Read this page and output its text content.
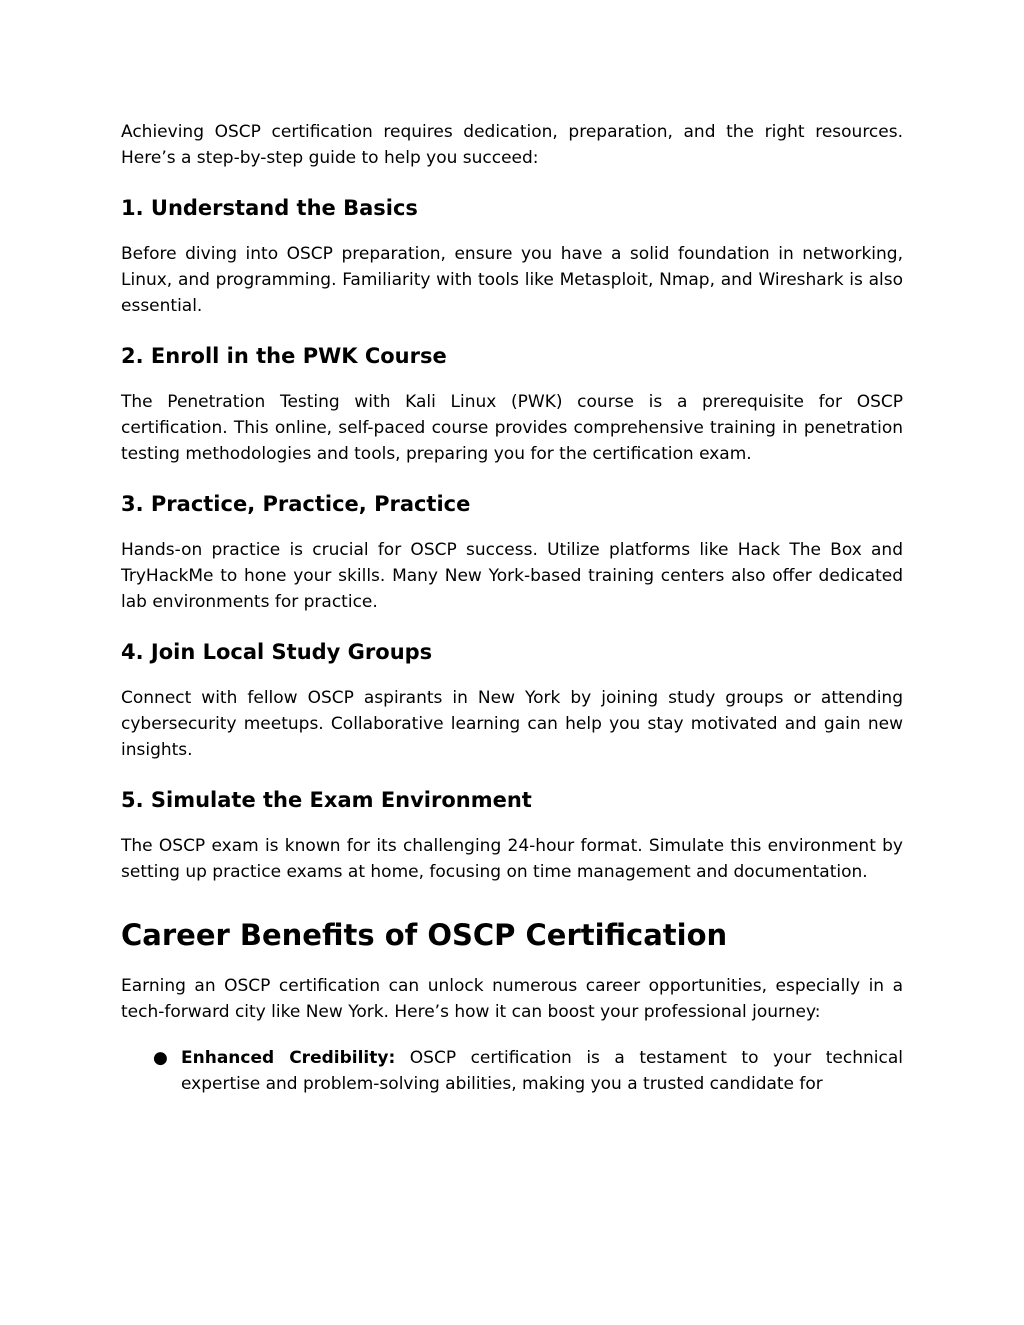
Achieving OSCP certification requires dedication, preparation, and the right resources. Here’s a step-by-step guide to help you succeed:

1. Understand the Basics

Before diving into OSCP preparation, ensure you have a solid foundation in networking, Linux, and programming. Familiarity with tools like Metasploit, Nmap, and Wireshark is also essential.

2. Enroll in the PWK Course

The Penetration Testing with Kali Linux (PWK) course is a prerequisite for OSCP certification. This online, self-paced course provides comprehensive training in penetration testing methodologies and tools, preparing you for the certification exam.

3. Practice, Practice, Practice

Hands-on practice is crucial for OSCP success. Utilize platforms like Hack The Box and TryHackMe to hone your skills. Many New York-based training centers also offer dedicated lab environments for practice.

4. Join Local Study Groups

Connect with fellow OSCP aspirants in New York by joining study groups or attending cybersecurity meetups. Collaborative learning can help you stay motivated and gain new insights.

5. Simulate the Exam Environment

The OSCP exam is known for its challenging 24-hour format. Simulate this environment by setting up practice exams at home, focusing on time management and documentation.

Career Benefits of OSCP Certification

Earning an OSCP certification can unlock numerous career opportunities, especially in a tech-forward city like New York. Here’s how it can boost your professional journey:

● Enhanced Credibility: OSCP certification is a testament to your technical expertise and problem-solving abilities, making you a trusted candidate for
